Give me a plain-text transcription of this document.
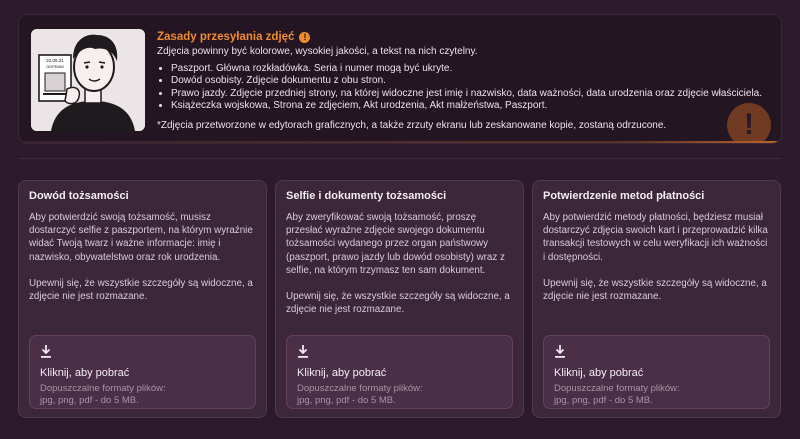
22.05.21
ODPRAW
Zasady przesyłania zdjęć	!
Zdjęcia powinny być kolorowe, wysokiej jakości, a tekst na nich czytelny.
• Paszport. Główna rozkładówka. Seria i numer mogą być ukryte.
• Dowód osobisty. Zdjęcie dokumentu z obu stron.
• Prawo jazdy. Zdjęcie przedniej strony, na której widoczne jest imię i nazwisko, data ważności, data urodzenia oraz zdjęcie właściciela.
• Książeczka wojskowa, Strona ze zdjęciem, Akt urodzenia, Akt małżeństwa, Paszport.
*Zdjęcia przetworzone w edytorach graficznych, a także zrzuty ekranu lub zeskanowane kopie, zostaną odrzucone.	!
Dowód tożsamości
Aby potwierdzić swoją tożsamość, musisz dostarczyć selfie z paszportem, na którym wyraźnie widać Twoją twarz i ważne informacje: imię i nazwisko, obywatelstwo oraz rok urodzenia.
Upewnij się, że wszystkie szczegóły są widoczne, a zdjęcie nie jest rozmazane.
Kliknij, aby pobrać
Dopuszczalne formaty plików:
jpg, png, pdf - do 5 MB.
Selfie i dokumenty tożsamości
Aby zweryfikować swoją tożsamość, proszę przesłać wyraźne zdjęcie swojego dokumentu tożsamości wydanego przez organ państwowy (paszport, prawo jazdy lub dowód osobisty) wraz z selfie, na którym trzymasz ten sam dokument.
Upewnij się, że wszystkie szczegóły są widoczne, a zdjęcie nie jest rozmazane.
Kliknij, aby pobrać
Dopuszczalne formaty plików:
jpg, png, pdf - do 5 MB.
Potwierdzenie metod płatności
Aby potwierdzić metody płatności, będziesz musiał dostarczyć zdjęcia swoich kart i przeprowadzić kilka transakcji testowych w celu weryfikacji ich ważności i dostępności.
Upewnij się, że wszystkie szczegóły są widoczne, a zdjęcie nie jest rozmazane.
Kliknij, aby pobrać
Dopuszczalne formaty plików:
jpg, png, pdf - do 5 MB.
